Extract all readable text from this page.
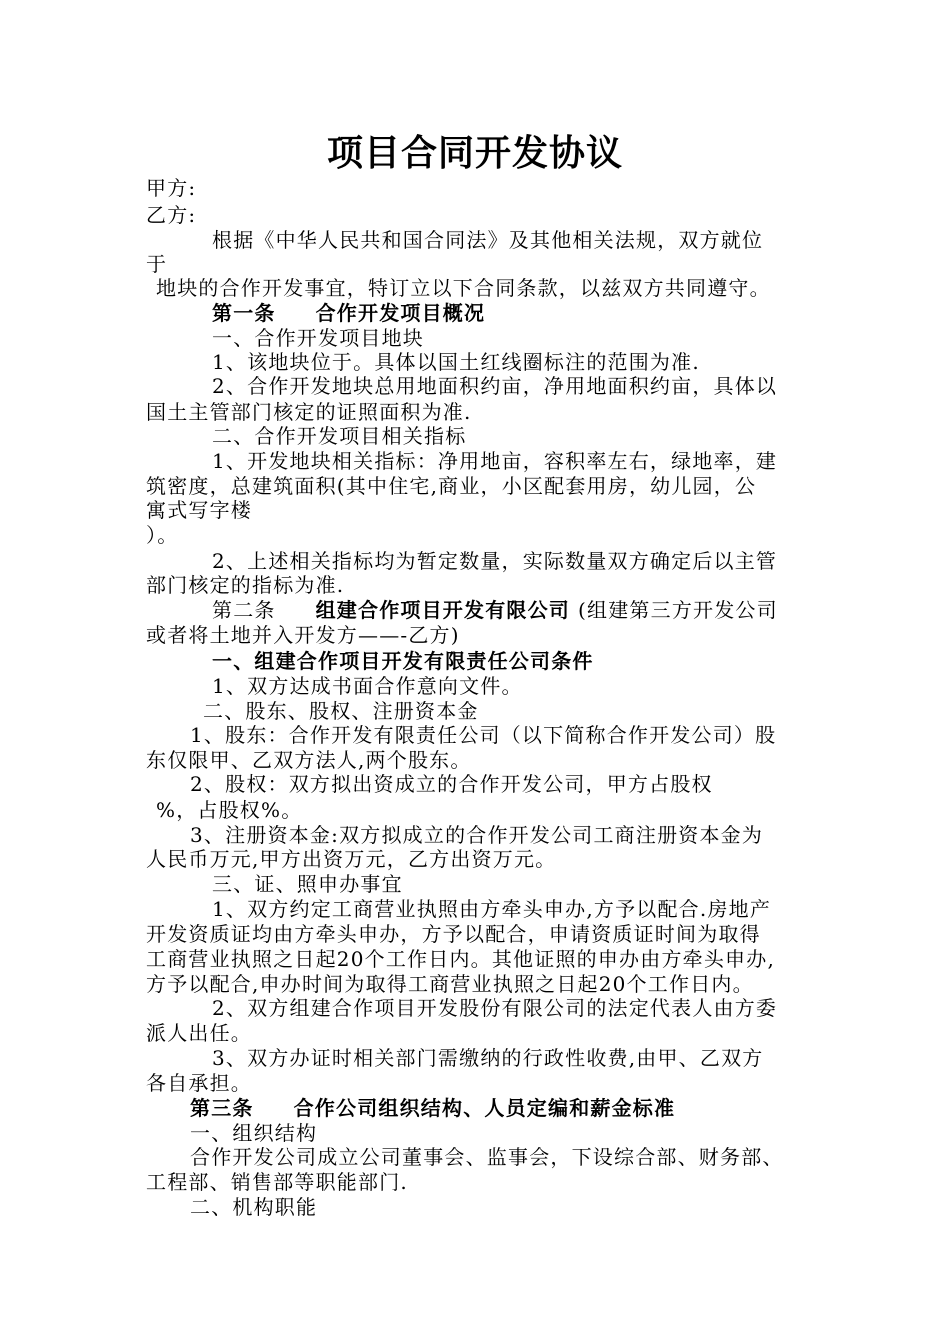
项目合同开发协议
甲方:
乙方:
根据《中华人民共和国合同法》及其他相关法规，双方就位
于
地块的合作开发事宜，特订立以下合同条款，以兹双方共同遵守。
第一条 合作开发项目概况
一、合作开发项目地块
1、该地块位于。具体以国土红线圈标注的范围为准.
2、合作开发地块总用地面积约亩，净用地面积约亩，具体以
国土主管部门核定的证照面积为准.
二、合作开发项目相关指标
1、开发地块相关指标：净用地亩，容积率左右，绿地率，建
筑密度，总建筑面积(其中住宅,商业，小区配套用房，幼儿园，公
寓式写字楼
）。
2、上述相关指标均为暂定数量，实际数量双方确定后以主管
部门核定的指标为准.
第二条 组建合作项目开发有限公司 (组建第三方开发公司
或者将土地并入开发方——-乙方)
一、组建合作项目开发有限责任公司条件
1、双方达成书面合作意向文件。
二、股东、股权、注册资本金
1、股东：合作开发有限责任公司（以下简称合作开发公司）股
东仅限甲、乙双方法人,两个股东。
2、股权：双方拟出资成立的合作开发公司，甲方占股权
%，占股权%。
3、注册资本金:双方拟成立的合作开发公司工商注册资本金为
人民币万元,甲方出资万元，乙方出资万元。
三、证、照申办事宜
1、双方约定工商营业执照由方牵头申办,方予以配合.房地产
开发资质证均由方牵头申办，方予以配合，申请资质证时间为取得
工商营业执照之日起20个工作日内。其他证照的申办由方牵头申办,
方予以配合,申办时间为取得工商营业执照之日起20个工作日内。
2、双方组建合作项目开发股份有限公司的法定代表人由方委
派人出任。
3、双方办证时相关部门需缴纳的行政性收费,由甲、乙双方
各自承担。
第三条 合作公司组织结构、人员定编和薪金标准
一、组织结构
合作开发公司成立公司董事会、监事会，下设综合部、财务部、
工程部、销售部等职能部门.
二、机构职能
